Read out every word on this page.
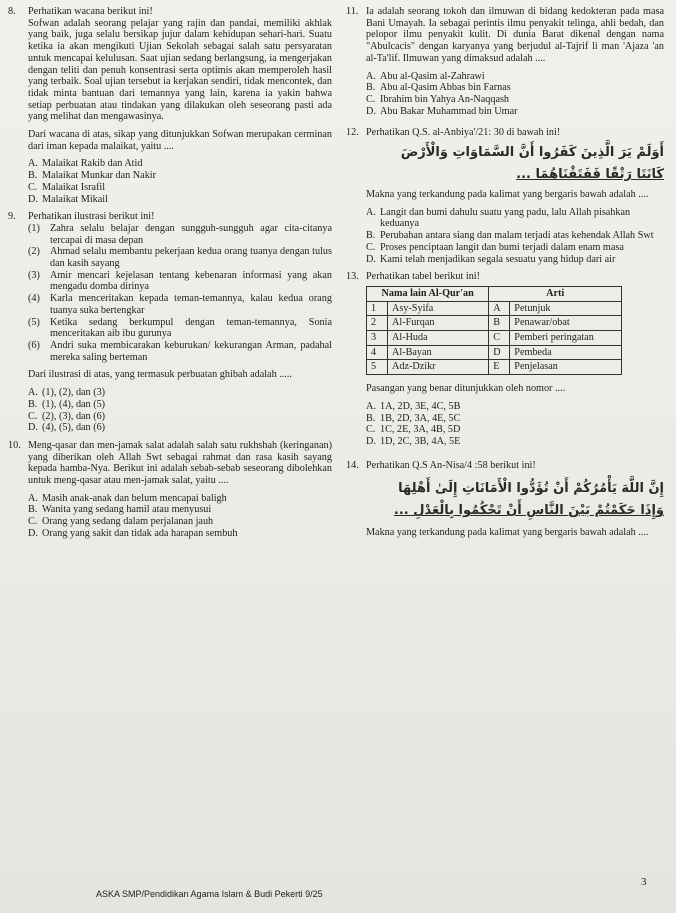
8. Perhatikan wacana berikut ini!

Sofwan adalah seorang pelajar yang rajin dan pandai, memiliki akhlak yang baik, juga selalu bersikap jujur dalam kehidupan sehari-hari. Suatu ketika ia akan mengikuti Ujian Sekolah sebagai salah satu persyaratan untuk mencapai kelulusan. Saat ujian sedang berlangsung, ia mengerjakan dengan teliti dan penuh konsentrasi serta optimis akan memperoleh hasil yang terbaik. Soal ujian tersebut ia kerjakan sendiri, tidak mencontek, dan tidak minta bantuan dari temannya yang lain, karena ia yakin bahwa setiap perbuatan atau tindakan yang dilakukan oleh seseorang pasti ada yang melihat dan mengawasinya.

Dari wacana di atas, sikap yang ditunjukkan Sofwan merupakan cerminan dari iman kepada malaikat, yaitu ....

A. Malaikat Rakib dan Atid
B. Malaikat Munkar dan Nakir
C. Malaikat Israfil
D. Malaikat Mikail
9. Perhatikan ilustrasi berikut ini!
(1) Zahra selalu belajar dengan sungguh-sungguh agar cita-citanya tercapai di masa depan
(2) Ahmad selalu membantu pekerjaan kedua orang tuanya dengan tulus dan kasih sayang
(3) Amir mencari kejelasan tentang kebenaran informasi yang akan mengadu domba dirinya
(4) Karla menceritakan kepada teman-temannya, kalau kedua orang tuanya suka bertengkar
(5) Ketika sedang berkumpul dengan teman-temannya, Sonia menceritakan aib ibu gurunya
(6) Andri suka membicarakan keburukan/ kekurangan Arman, padahal mereka saling berteman

Dari ilustrasi di atas, yang termasuk perbuatan ghibah adalah .....

A. (1), (2), dan (3)
B. (1), (4), dan (5)
C. (2), (3), dan (6)
D. (4), (5), dan (6)
10. Meng-qasar dan men-jamak salat adalah salah satu rukhshah (keringanan) yang diberikan oleh Allah Swt sebagai rahmat dan rasa kasih sayang kepada hamba-Nya. Berikut ini adalah sebab-sebab seseorang dibolehkan untuk meng-qasar atau men-jamak salat, yaitu ....

A. Masih anak-anak dan belum mencapai baligh
B. Wanita yang sedang hamil atau menyusui
C. Orang yang sedang dalam perjalanan jauh
D. Orang yang sakit dan tidak ada harapan sembuh
11. Ia adalah seorang tokoh dan ilmuwan di bidang kedokteran pada masa Bani Umayah. Ia sebagai perintis ilmu penyakit telinga, ahli bedah, dan pelopor ilmu penyakit kulit. Di dunia Barat dikenal dengan nama "Abulcacis" dengan karyanya yang berjudul al-Tajrif li man 'Ajaza 'an al-Ta'lif. Ilmuwan yang dimaksud adalah ....

A. Abu al-Qasim al-Zahrawi
B. Abu al-Qasim Abbas bin Farnas
C. Ibrahim bin Yahya An-Naqqash
D. Abu Bakar Muhammad bin Umar
12. Perhatikan Q.S. al-Anbiya'/21: 30 di bawah ini!
أَوَلَمْ يَرَ الَّذِينَ كَفَرُوا أَنَّ السَّمَاوَاتِ وَالْأَرْضَ
كَانَتَا رَتْقًا فَفَتَقْنَاهُمَا ...

Makna yang terkandung pada kalimat yang bergaris bawah adalah ....

A. Langit dan bumi dahulu suatu yang padu, lalu Allah pisahkan keduanya
B. Perubahan antara siang dan malam terjadi atas kehendak Allah Swt
C. Proses penciptaan langit dan bumi terjadi dalam enam masa
D. Kami telah menjadikan segala sesuatu yang hidup dari air
13. Perhatikan tabel berikut ini!
Nama lain Al-Qur'an		Arti	
1	Asy-Syifa	A	Petunjuk
2	Al-Furqan	B	Penawar/obat
3	Al-Huda	C	Pemberi peringatan
4	Al-Bayan	D	Pembeda
5	Adz-Dzikr	E	Penjelasan

Pasangan yang benar ditunjukkan oleh nomor ....

A. 1A, 2D, 3E, 4C, 5B
B. 1B, 2D, 3A, 4E, 5C
C. 1C, 2E, 3A, 4B, 5D
D. 1D, 2C, 3B, 4A, 5E
14. Perhatikan Q.S An-Nisa/4 :58 berikut ini!
إِنَّ اللَّهَ يَأْمُرُكُمْ أَنْ تُؤَدُّوا الْأَمَانَاتِ إِلَىٰ أَهْلِهَا
وَإِذَا حَكَمْتُمْ بَيْنَ النَّاسِ أَنْ تَحْكُمُوا بِالْعَدْلِ ...

Makna yang terkandung pada kalimat yang bergaris bawah adalah ....

ASKA SMP/Pendidikan Agama Islam & Budi Pekerti 9/25
3
